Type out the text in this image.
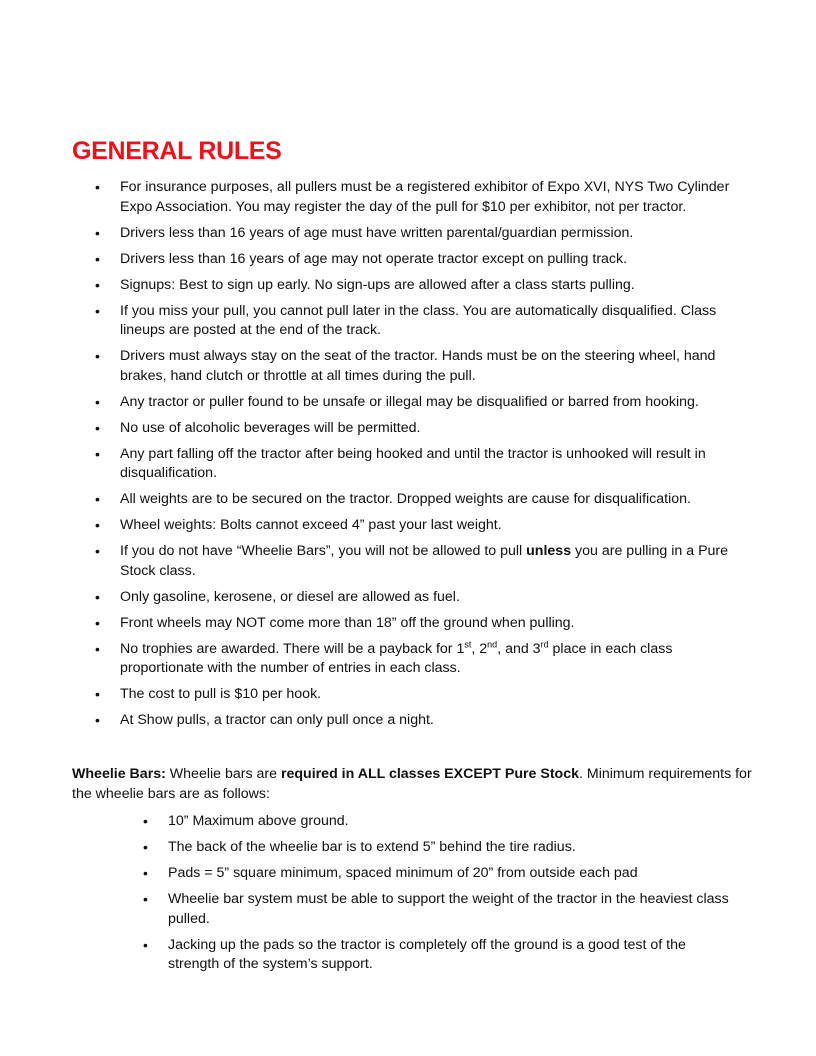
GENERAL RULES
• For insurance purposes, all pullers must be a registered exhibitor of Expo XVI, NYS Two Cylinder Expo Association. You may register the day of the pull for $10 per exhibitor, not per tractor.
• Drivers less than 16 years of age must have written parental/guardian permission.
• Drivers less than 16 years of age may not operate tractor except on pulling track.
• Signups: Best to sign up early. No sign-ups are allowed after a class starts pulling.
• If you miss your pull, you cannot pull later in the class. You are automatically disqualified. Class lineups are posted at the end of the track.
• Drivers must always stay on the seat of the tractor. Hands must be on the steering wheel, hand brakes, hand clutch or throttle at all times during the pull.
• Any tractor or puller found to be unsafe or illegal may be disqualified or barred from hooking.
• No use of alcoholic beverages will be permitted.
• Any part falling off the tractor after being hooked and until the tractor is unhooked will result in disqualification.
• All weights are to be secured on the tractor. Dropped weights are cause for disqualification.
• Wheel weights: Bolts cannot exceed 4” past your last weight.
• If you do not have “Wheelie Bars”, you will not be allowed to pull unless you are pulling in a Pure Stock class.
• Only gasoline, kerosene, or diesel are allowed as fuel.
• Front wheels may NOT come more than 18” off the ground when pulling.
• No trophies are awarded. There will be a payback for 1st, 2nd, and 3rd place in each class proportionate with the number of entries in each class.
• The cost to pull is $10 per hook.
• At Show pulls, a tractor can only pull once a night.

Wheelie Bars: Wheelie bars are required in ALL classes EXCEPT Pure Stock. Minimum requirements for the wheelie bars are as follows:

• 10” Maximum above ground.
• The back of the wheelie bar is to extend 5” behind the tire radius.
• Pads = 5” square minimum, spaced minimum of 20” from outside each pad
• Wheelie bar system must be able to support the weight of the tractor in the heaviest class pulled.
• Jacking up the pads so the tractor is completely off the ground is a good test of the strength of the system’s support.
